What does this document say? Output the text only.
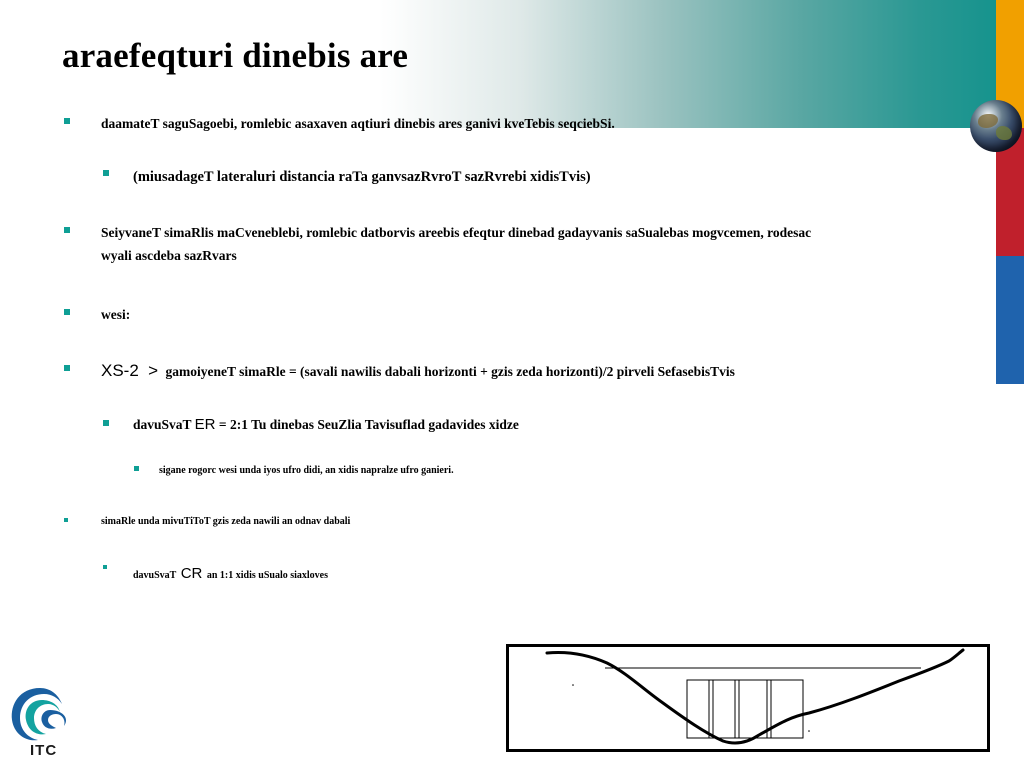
araefeqturi dinebis are
daamateT saguSagoebi, romlebic asaxaven aqtiuri dinebis ares ganivi kveTebis seqciebSi.
(miusadageT lateraluri distancia raTa ganvsazRvroT sazRvrebi xidisTvis)
SeiyvaneT simaRlis maCveneblebi, romlebic datborvis areebis efeqtur dinebad gadayvanis saSualebas mogvcemen, rodesac
wyali ascdeba sazRvars
wesi:
XS-2 > gamoiyeneT simaRle = (savali nawilis dabali horizonti + gzis zeda horizonti)/2 pirveli SefasebisTvis
davuSvaT ER = 2:1 Tu dinebas SeuZlia Tavisuflad gadavides xidze
sigane rogorc wesi unda iyos ufro didi, an xidis napralze ufro ganieri.
simaRle unda mivuTiToT gzis zeda nawili an odnav dabali
davuSvaT CR an 1:1 xidis uSualo siaxloves
ITC
